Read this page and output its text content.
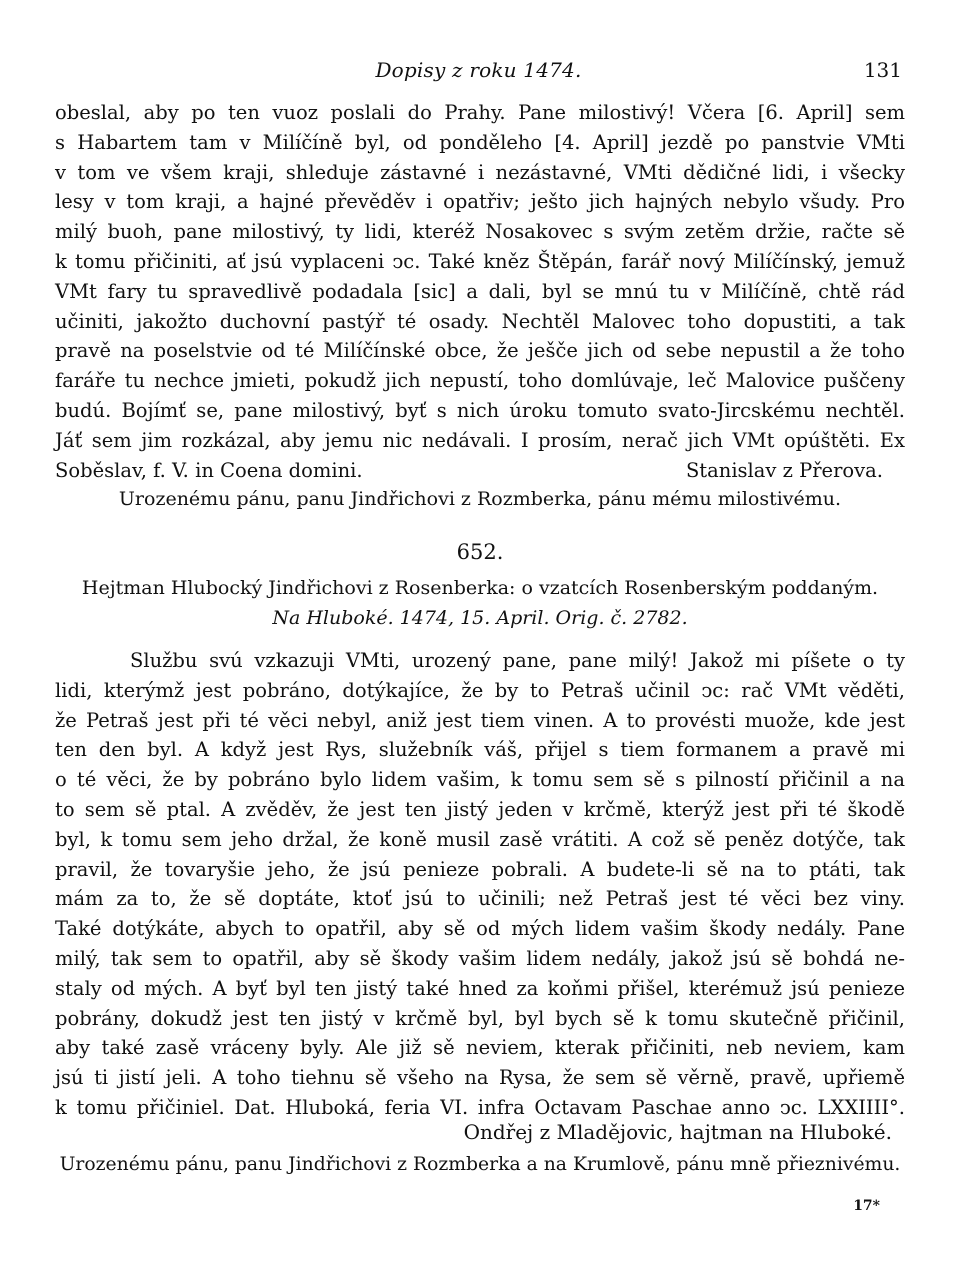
Dopisy z roku 1474.	131
obeslal, aby po ten vuoz poslali do Prahy. Pane milostivý! Včera [6. April] sem
s Habartem tam v Milíčíně byl, od ponděleho [4. April] jezdě po panstvie VMti
v tom ve všem kraji, shleduje zástavné i nezástavné, VMti dědičné lidi, i všecky
lesy v tom kraji, a hajné převěděv i opatřiv; ješto jich hajných nebylo všudy. Pro
milý buoh, pane milostivý, ty lidi, kteréž Nosakovec s svým zetěm držie, račte sě
k tomu přičiniti, ať jsú vyplaceni ͻc. Také kněz Štěpán, farář nový Milíčínský, jemuž
VMt fary tu spravedlivě podadala [sic] a dali, byl se mnú tu v Milíčíně, chtě rád
učiniti, jakožto duchovní pastýř té osady. Nechtěl Malovec toho dopustiti, a tak
pravě na poselstvie od té Milíčínské obce, že ješče jich od sebe nepustil a že toho
faráře tu nechce jmieti, pokudž jich nepustí, toho domlúvaje, leč Malovice puščeny
budú. Bojímť se, pane milostivý, byť s nich úroku tomuto svato-Jircskému nechtěl.
Jáť sem jim rozkázal, aby jemu nic nedávali. I prosím, nerač jich VMt opúštěti. Ex
Soběslav, f. V. in Coena domini.	Stanislav z Přerova.
Urozenému pánu, panu Jindřichovi z Rozmberka, pánu mému milostivému.
652.
Hejtman Hlubocký Jindřichovi z Rosenberka: o vzatcích Rosenberským poddaným.
Na Hluboké. 1474, 15. April. Orig. č. 2782.
Službu svú vzkazuji VMti, urozený pane, pane milý! Jakož mi píšete o ty
lidi, kterýmž jest pobráno, dotýkajíce, že by to Petraš učinil ͻc: rač VMt věděti,
že Petraš jest při té věci nebyl, aniž jest tiem vinen. A to provésti muože, kde jest
ten den byl. A když jest Rys, služebník váš, přijel s tiem formanem a pravě mi
o té věci, že by pobráno bylo lidem vašim, k tomu sem sě s pilností přičinil a na
to sem sě ptal. A zvěděv, že jest ten jistý jeden v krčmě, kterýž jest při té škodě
byl, k tomu sem jeho držal, že koně musil zasě vrátiti. A což sě peněz dotýče, tak
pravil, že tovaryšie jeho, že jsú penieze pobrali. A budete-li sě na to ptáti, tak
mám za to, že sě doptáte, ktoť jsú to učinili; než Petraš jest té věci bez viny.
Také dotýkáte, abych to opatřil, aby sě od mých lidem vašim škody nedály. Pane
milý, tak sem to opatřil, aby sě škody vašim lidem nedály, jakož jsú sě bohdá ne-
staly od mých. A byť byl ten jistý také hned za koňmi přišel, kterémuž jsú penieze
pobrány, dokudž jest ten jistý v krčmě byl, byl bych sě k tomu skutečně přičinil,
aby také zasě vráceny byly. Ale již sě neviem, kterak přičiniti, neb neviem, kam
jsú ti jistí jeli. A toho tiehnu sě všeho na Rysa, že sem sě věrně, pravě, upřiemě
k tomu přičiniel. Dat. Hluboká, feria VI. infra Octavam Paschae anno ͻc. LXXIIII°.
Ondřej z Mladějovic, hajtman na Hluboké.
Urozenému pánu, panu Jindřichovi z Rozmberka a na Krumlově, pánu mně přieznivému.
17*
